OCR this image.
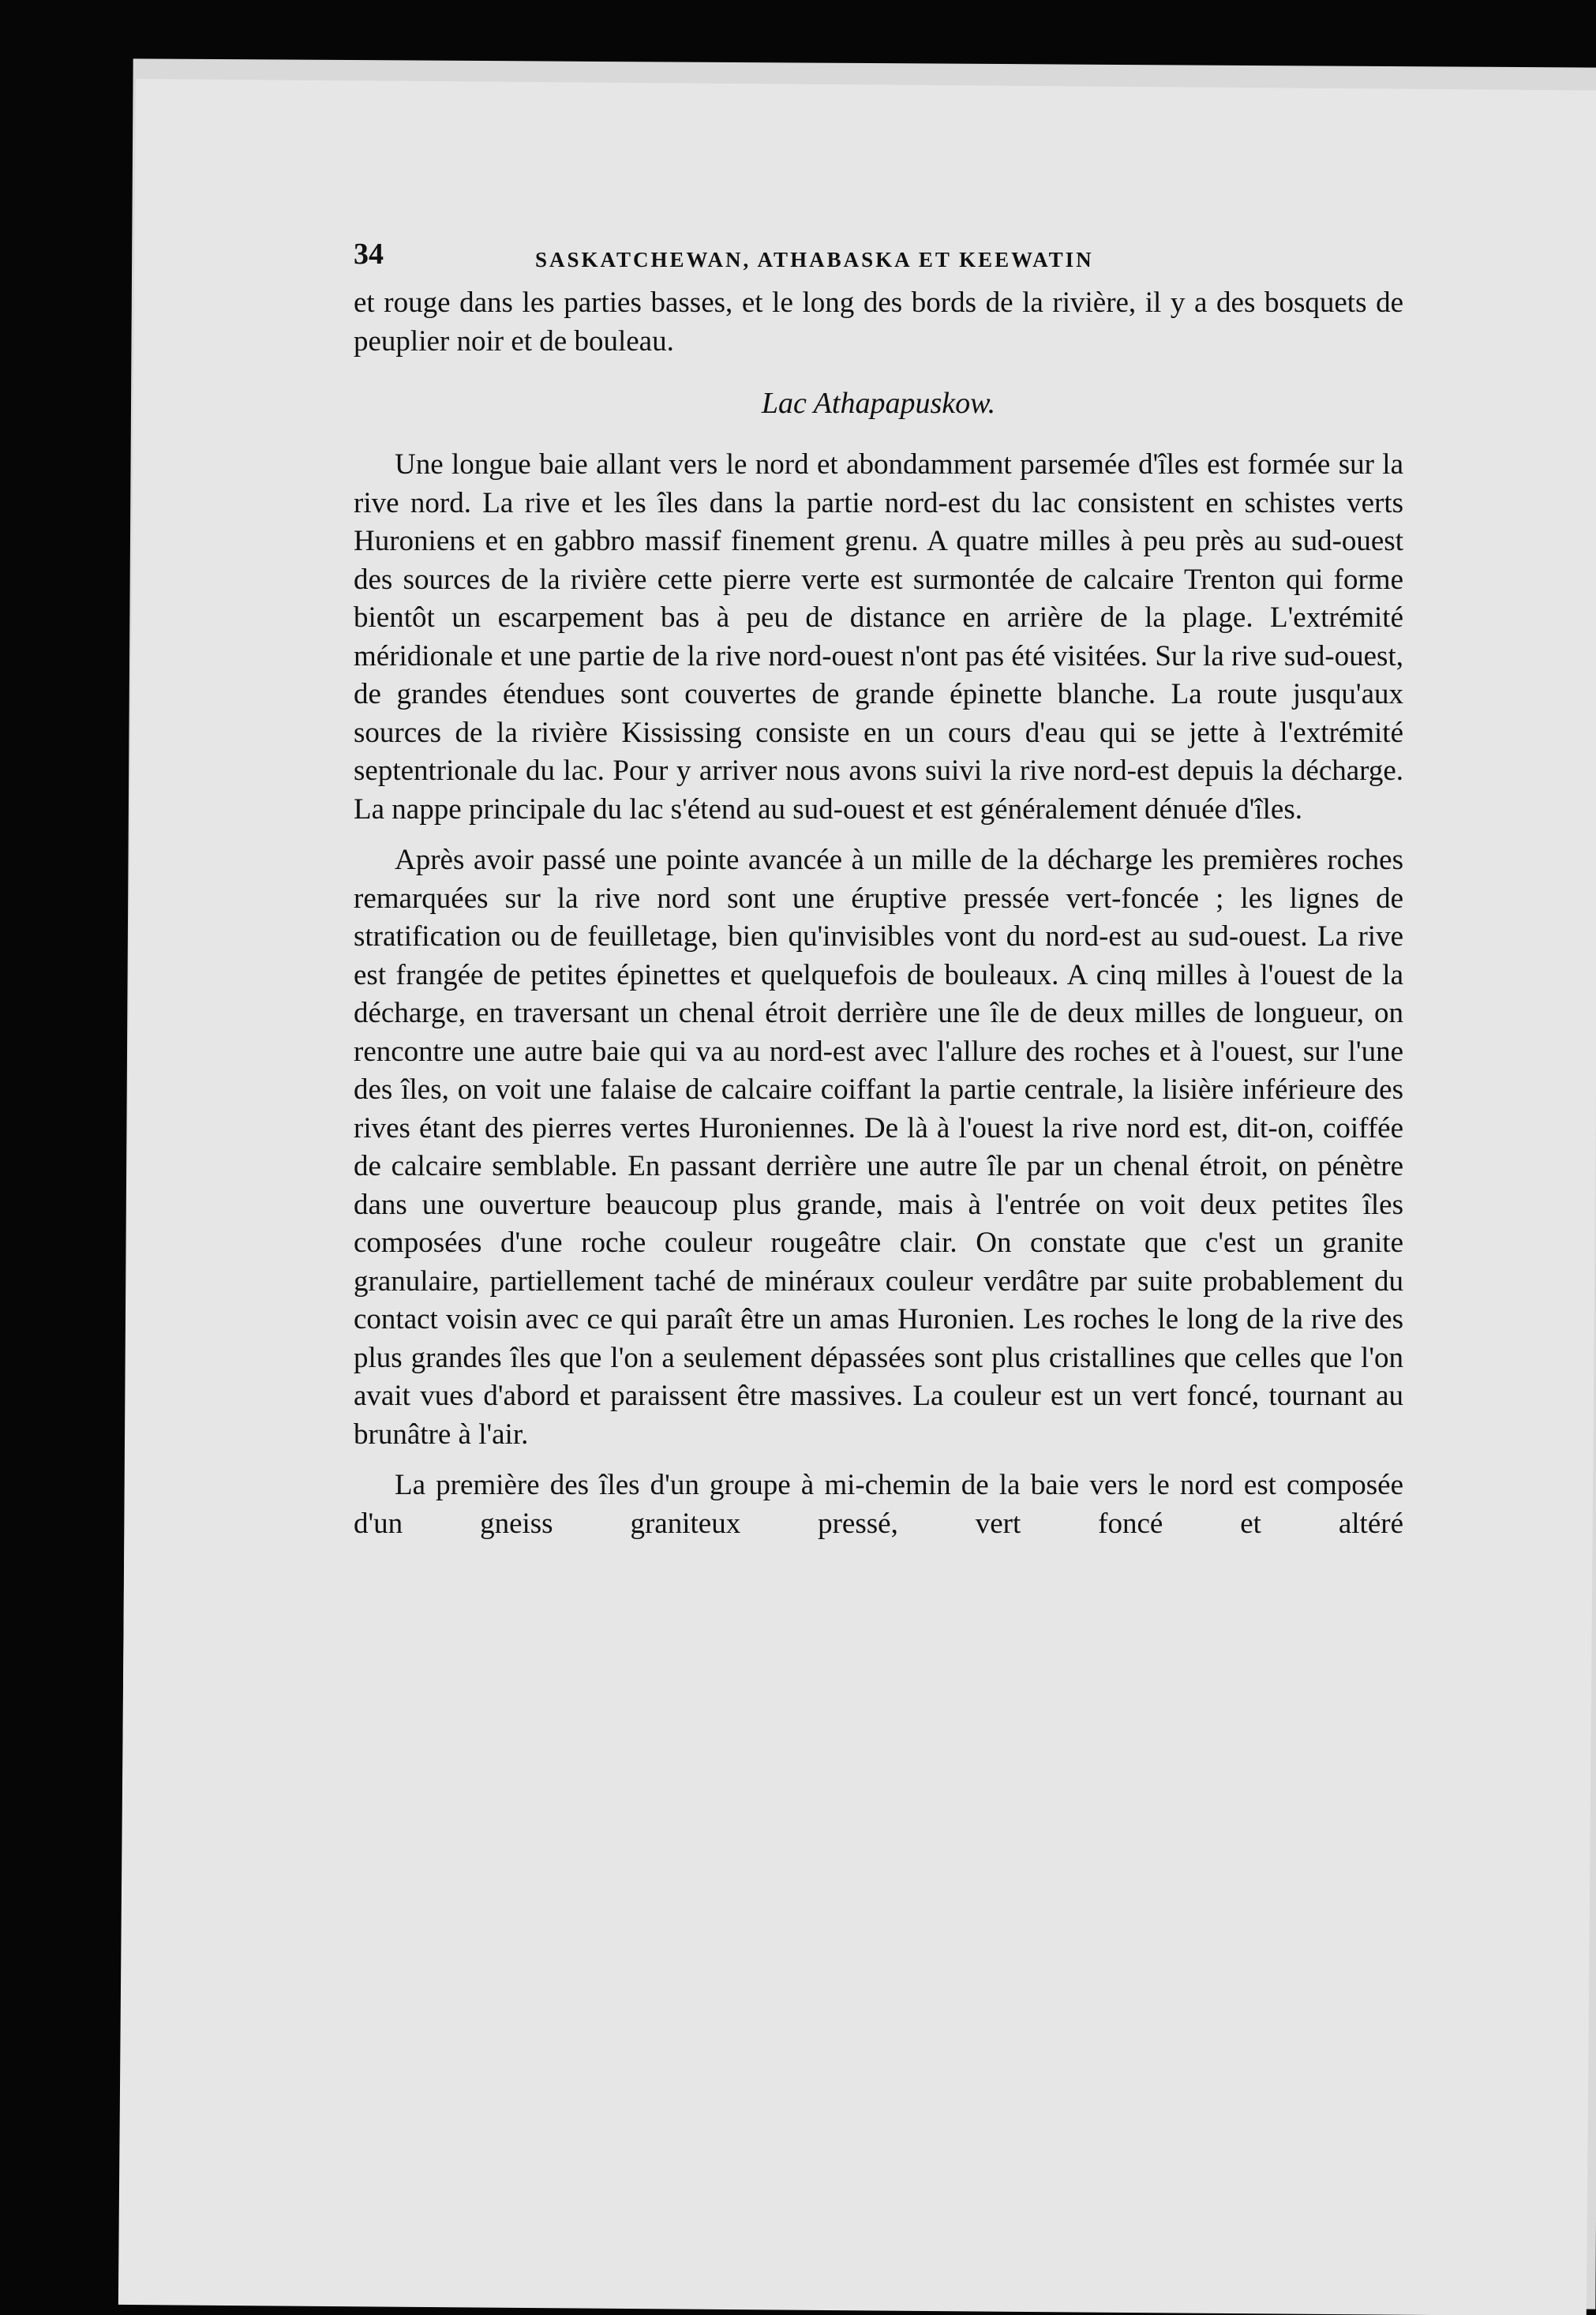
34	SASKATCHEWAN, ATHABASKA ET KEEWATIN

et rouge dans les parties basses, et le long des bords de la rivière, il y a des bosquets de peuplier noir et de bouleau.

Lac Athapapuskow.

Une longue baie allant vers le nord et abondamment parsemée d'îles est formée sur la rive nord. La rive et les îles dans la partie nord-est du lac consistent en schistes verts Huroniens et en gabbro massif finement grenu. A quatre milles à peu près au sud-ouest des sources de la rivière cette pierre verte est surmontée de calcaire Trenton qui forme bientôt un escarpement bas à peu de distance en arrière de la plage. L'extrémité méridionale et une partie de la rive nord-ouest n'ont pas été visitées. Sur la rive sud-ouest, de grandes étendues sont couvertes de grande épinette blanche. La route jusqu'aux sources de la rivière Kississing consiste en un cours d'eau qui se jette à l'extrémité septentrionale du lac. Pour y arriver nous avons suivi la rive nord-est depuis la décharge. La nappe principale du lac s'étend au sud-ouest et est généralement dénuée d'îles.

Après avoir passé une pointe avancée à un mille de la décharge les premières roches remarquées sur la rive nord sont une éruptive pressée vert-foncée ; les lignes de stratification ou de feuilletage, bien qu'invisibles vont du nord-est au sud-ouest. La rive est frangée de petites épinettes et quelquefois de bouleaux. A cinq milles à l'ouest de la décharge, en traversant un chenal étroit derrière une île de deux milles de longueur, on rencontre une autre baie qui va au nord-est avec l'allure des roches et à l'ouest, sur l'une des îles, on voit une falaise de calcaire coiffant la partie centrale, la lisière inférieure des rives étant des pierres vertes Huroniennes. De là à l'ouest la rive nord est, dit-on, coiffée de calcaire semblable. En passant derrière une autre île par un chenal étroit, on pénètre dans une ouverture beaucoup plus grande, mais à l'entrée on voit deux petites îles composées d'une roche couleur rougeâtre clair. On constate que c'est un granite granulaire, partiellement taché de minéraux couleur verdâtre par suite probablement du contact voisin avec ce qui paraît être un amas Huronien. Les roches le long de la rive des plus grandes îles que l'on a seulement dépassées sont plus cristallines que celles que l'on avait vues d'abord et paraissent être massives. La couleur est un vert foncé, tournant au brunâtre à l'air.

La première des îles d'un groupe à mi-chemin de la baie vers le nord est composée d'un gneiss graniteux pressé, vert foncé et altéré
